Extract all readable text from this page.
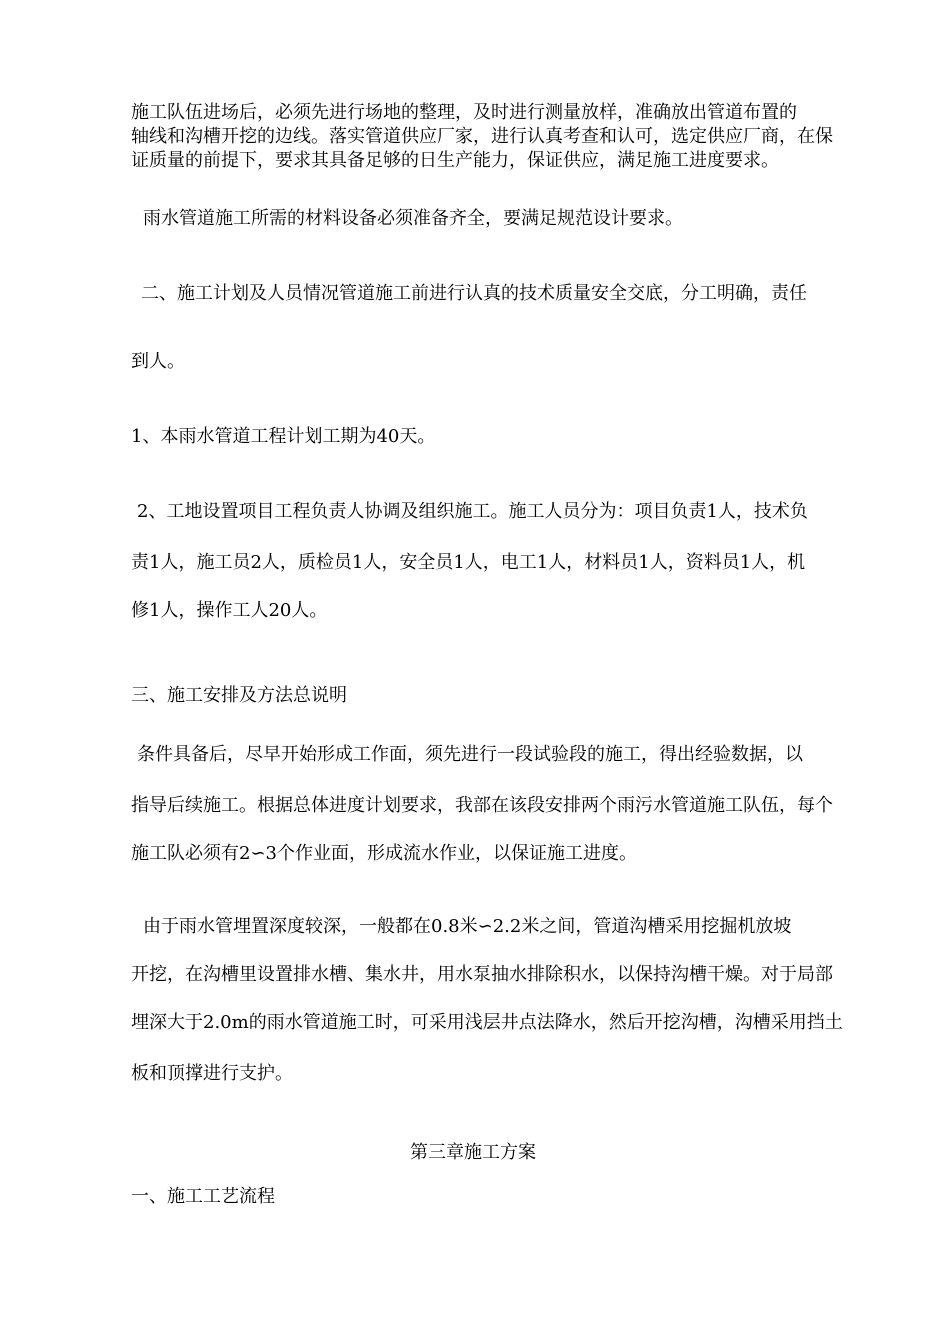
施工队伍进场后，必须先进行场地的整理，及时进行测量放样，准确放出管道布置的
轴线和沟槽开挖的边线。落实管道供应厂家，进行认真考查和认可，选定供应厂商，在保
证质量的前提下，要求其具备足够的日生产能力，保证供应，满足施工进度要求。
雨水管道施工所需的材料设备必须准备齐全，要满足规范设计要求。
二、施工计划及人员情况管道施工前进行认真的技术质量安全交底，分工明确，责任
到人。
1、本雨水管道工程计划工期为40天。
2、工地设置项目工程负责人协调及组织施工。施工人员分为：项目负责1人，技术负
责1人，施工员2人，质检员1人，安全员1人，电工1人，材料员1人，资料员1人，机
修1人，操作工人20人。
三、施工安排及方法总说明
条件具备后，尽早开始形成工作面，须先进行一段试验段的施工，得出经验数据，以
指导后续施工。根据总体进度计划要求，我部在该段安排两个雨污水管道施工队伍，每个
施工队必须有2∽3个作业面，形成流水作业，以保证施工进度。
由于雨水管埋置深度较深，一般都在0.8米∽2.2米之间，管道沟槽采用挖掘机放坡
开挖，在沟槽里设置排水槽、集水井，用水泵抽水排除积水，以保持沟槽干燥。对于局部
埋深大于2.0m的雨水管道施工时，可采用浅层井点法降水，然后开挖沟槽，沟槽采用挡土
板和顶撑进行支护。
第三章施工方案
一、施工工艺流程
